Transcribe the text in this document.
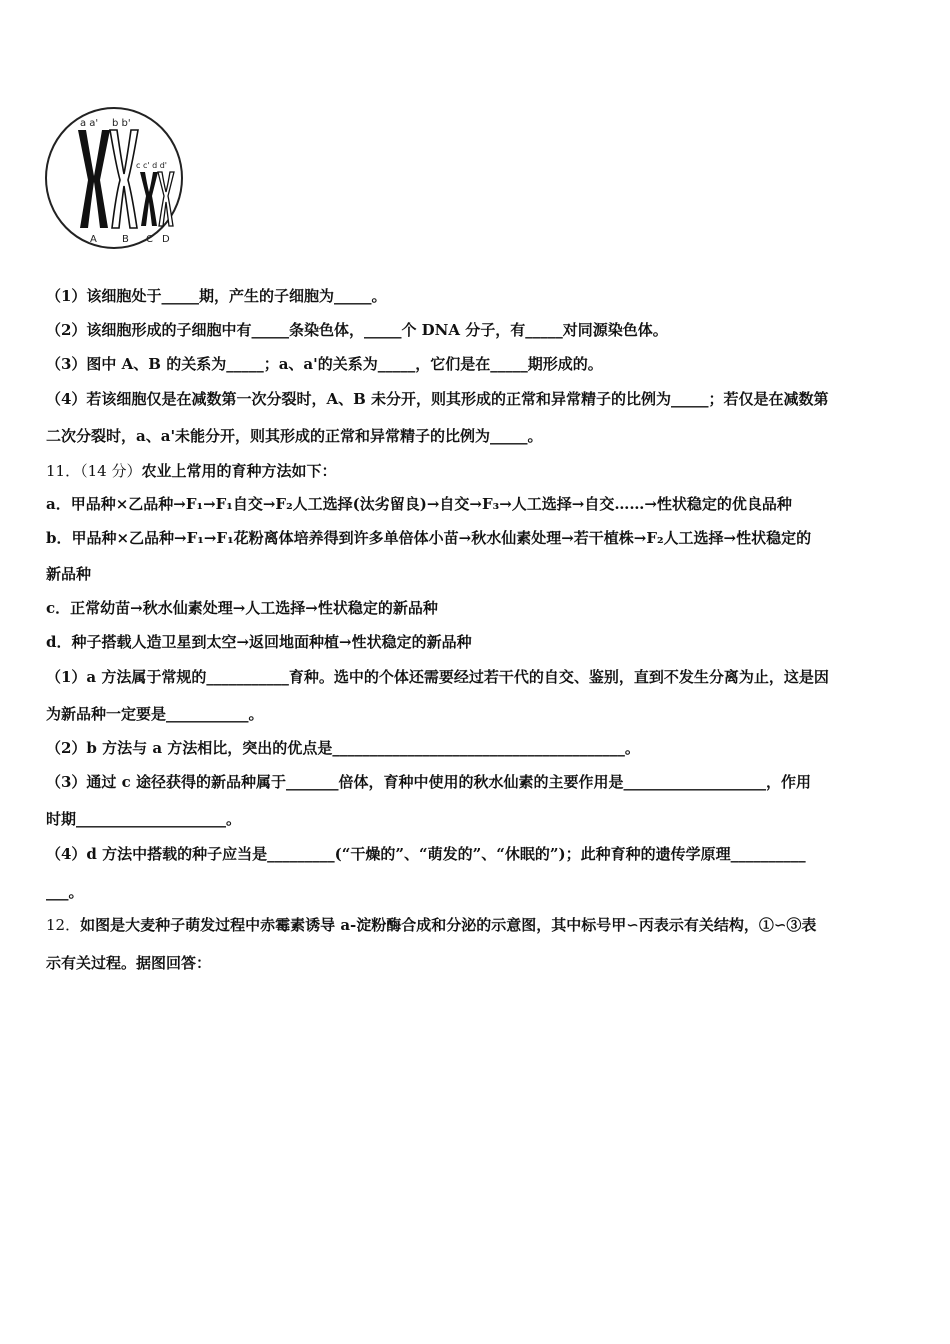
a a' b b'
c c' d d'
A	B C D
（1）该细胞处于_____期，产生的子细胞为_____。
（2）该细胞形成的子细胞中有_____条染色体，_____个 DNA 分子，有_____对同源染色体。
（3）图中 A、B 的关系为_____；a、a'的关系为_____，它们是在_____期形成的。
（4）若该细胞仅是在减数第一次分裂时，A、B 未分开，则其形成的正常和异常精子的比例为_____；若仅是在减数第
二次分裂时，a、a'未能分开，则其形成的正常和异常精子的比例为_____。
11．（14 分）农业上常用的育种方法如下：
a．甲品种×乙品种→F₁→F₁自交→F₂人工选择(汰劣留良)→自交→F₃→人工选择→自交……→性状稳定的优良品种
b．甲品种×乙品种→F₁→F₁花粉离体培养得到许多单倍体小苗→秋水仙素处理→若干植株→F₂人工选择→性状稳定的
新品种
c．正常幼苗→秋水仙素处理→人工选择→性状稳定的新品种
d．种子搭载人造卫星到太空→返回地面种植→性状稳定的新品种
（1）a 方法属于常规的___________育种。选中的个体还需要经过若干代的自交、鉴别，直到不发生分离为止，这是因
为新品种一定要是___________。
（2）b 方法与 a 方法相比，突出的优点是_______________________________________。
（3）通过 c 途径获得的新品种属于_______倍体，育种中使用的秋水仙素的主要作用是___________________，作用
时期____________________。
（4）d 方法中搭载的种子应当是_________(“干燥的”、“萌发的”、“休眠的”)；此种育种的遗传学原理__________
___。
12．如图是大麦种子萌发过程中赤霉素诱导 a-淀粉酶合成和分泌的示意图，其中标号甲∽丙表示有关结构，①∽③表
示有关过程。据图回答：
